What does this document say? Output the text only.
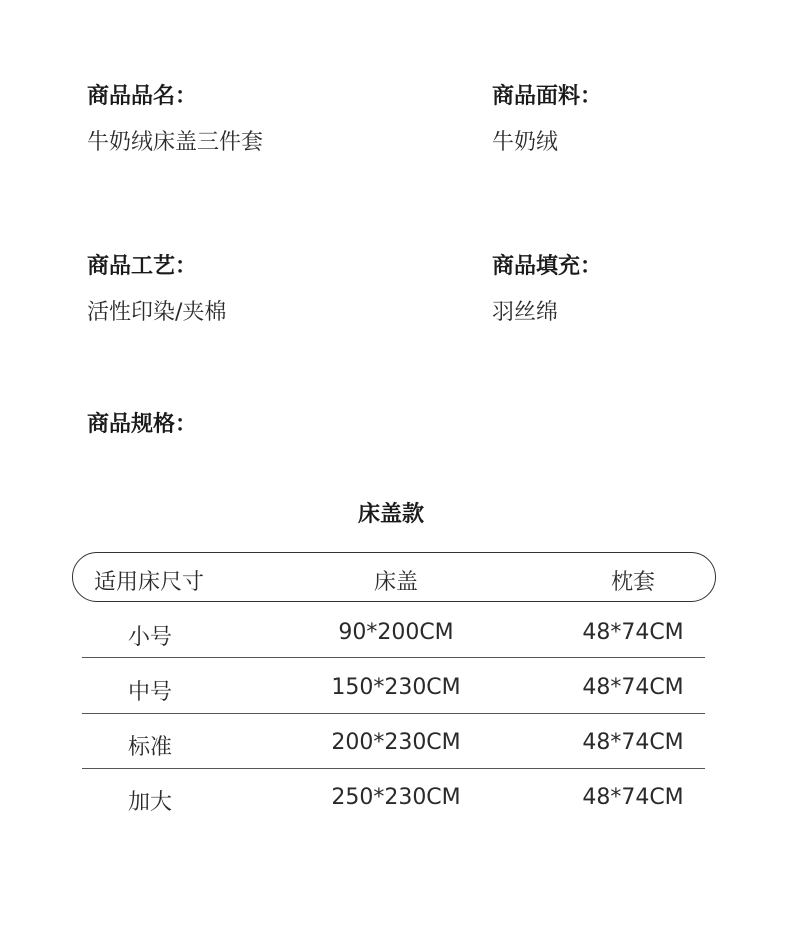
商品品名：
牛奶绒床盖三件套
商品面料：
牛奶绒
商品工艺：
活性印染/夹棉
商品填充：
羽丝绵
商品规格：
床盖款
适用床尺寸	床盖	枕套
小号	90*200CM	48*74CM
中号	150*230CM	48*74CM
标准	200*230CM	48*74CM
加大	250*230CM	48*74CM
